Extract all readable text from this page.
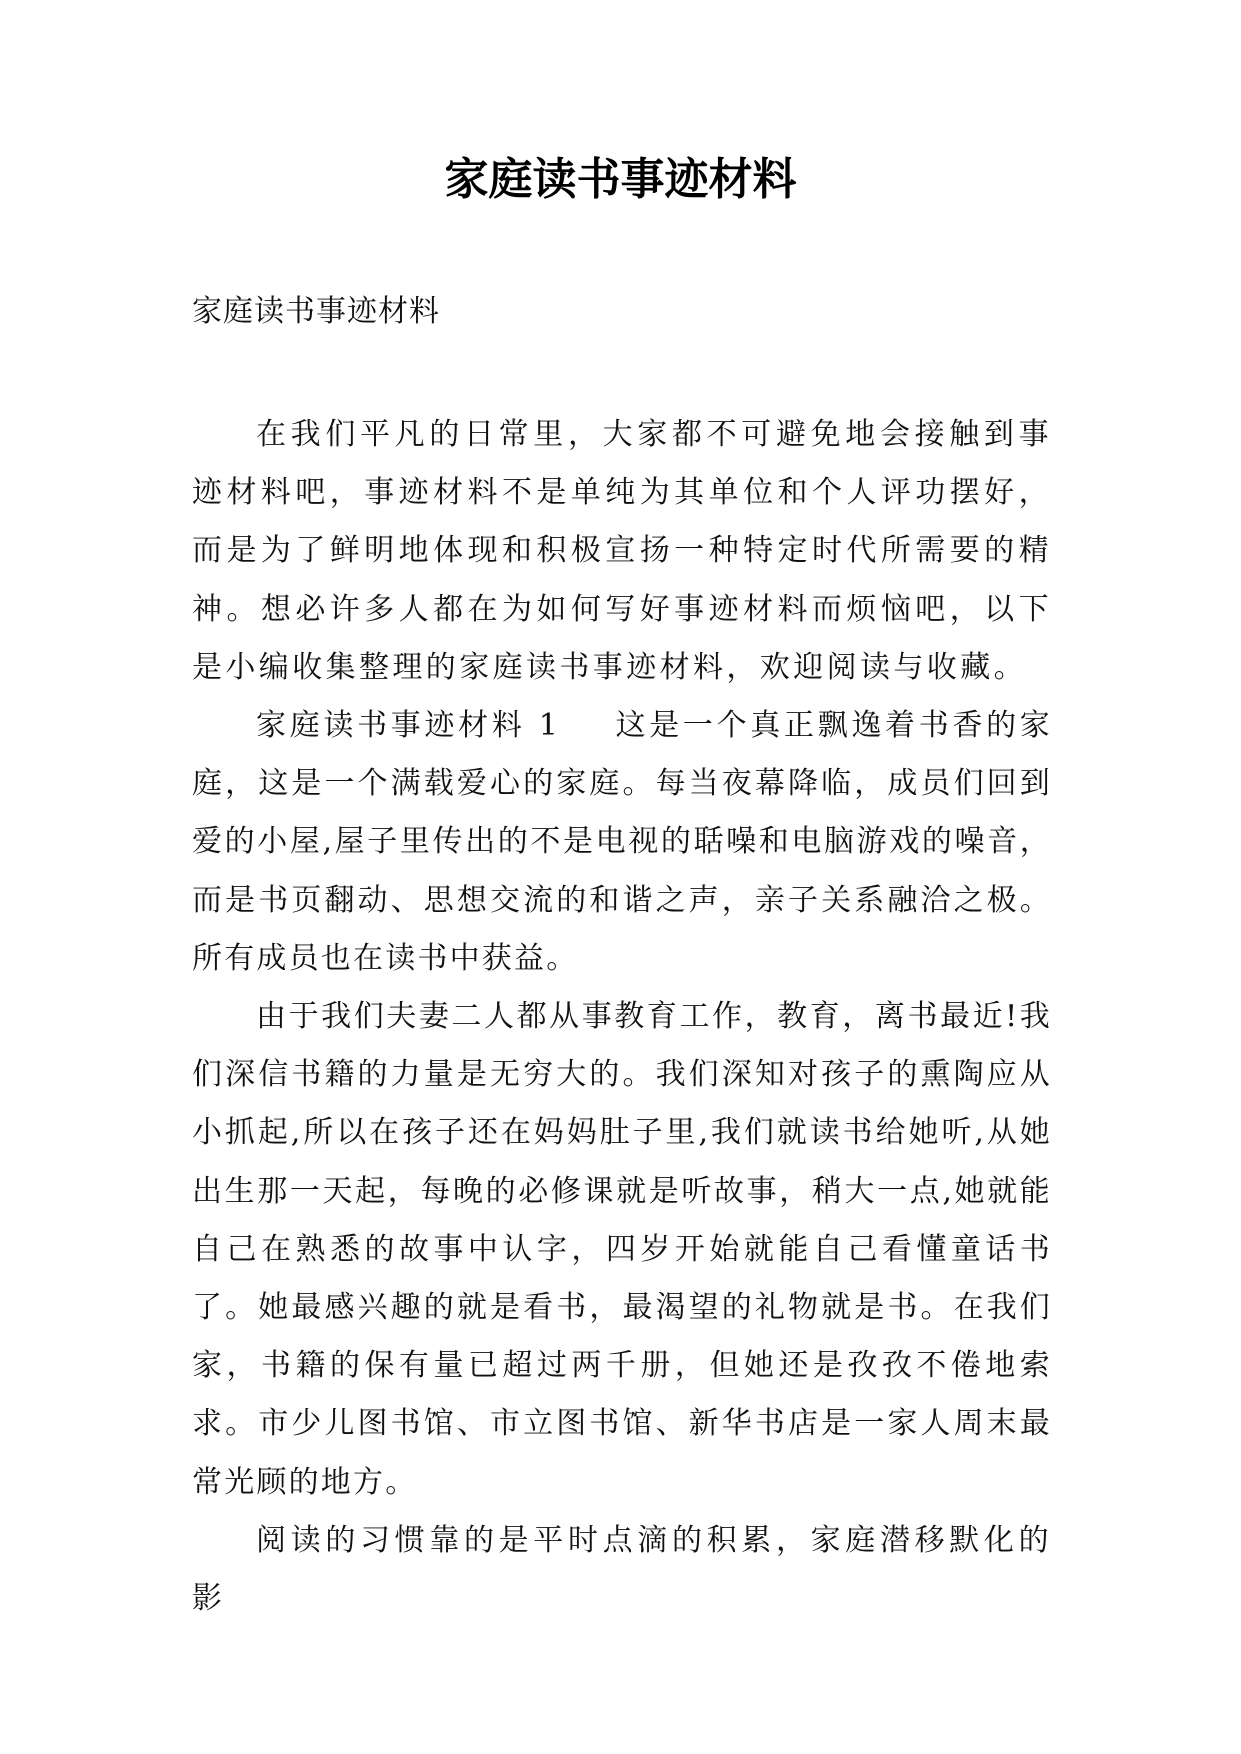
家庭读书事迹材料

家庭读书事迹材料

在我们平凡的日常里，大家都不可避免地会接触到事迹材料吧，事迹材料不是单纯为其单位和个人评功摆好，而是为了鲜明地体现和积极宣扬一种特定时代所需要的精神。想必许多人都在为如何写好事迹材料而烦恼吧，以下是小编收集整理的家庭读书事迹材料，欢迎阅读与收藏。

家庭读书事迹材料 1 这是一个真正飘逸着书香的家庭，这是一个满载爱心的家庭。每当夜幕降临，成员们回到爱的小屋,屋子里传出的不是电视的聒噪和电脑游戏的噪音，而是书页翻动、思想交流的和谐之声，亲子关系融洽之极。所有成员也在读书中获益。

由于我们夫妻二人都从事教育工作，教育，离书最近!我们深信书籍的力量是无穷大的。我们深知对孩子的熏陶应从小抓起,所以在孩子还在妈妈肚子里,我们就读书给她听,从她出生那一天起，每晚的必修课就是听故事，稍大一点,她就能自己在熟悉的故事中认字，四岁开始就能自己看懂童话书了。她最感兴趣的就是看书，最渴望的礼物就是书。在我们家，书籍的保有量已超过两千册，但她还是孜孜不倦地索求。市少儿图书馆、市立图书馆、新华书店是一家人周末最常光顾的地方。

阅读的习惯靠的是平时点滴的积累，家庭潜移默化的影
